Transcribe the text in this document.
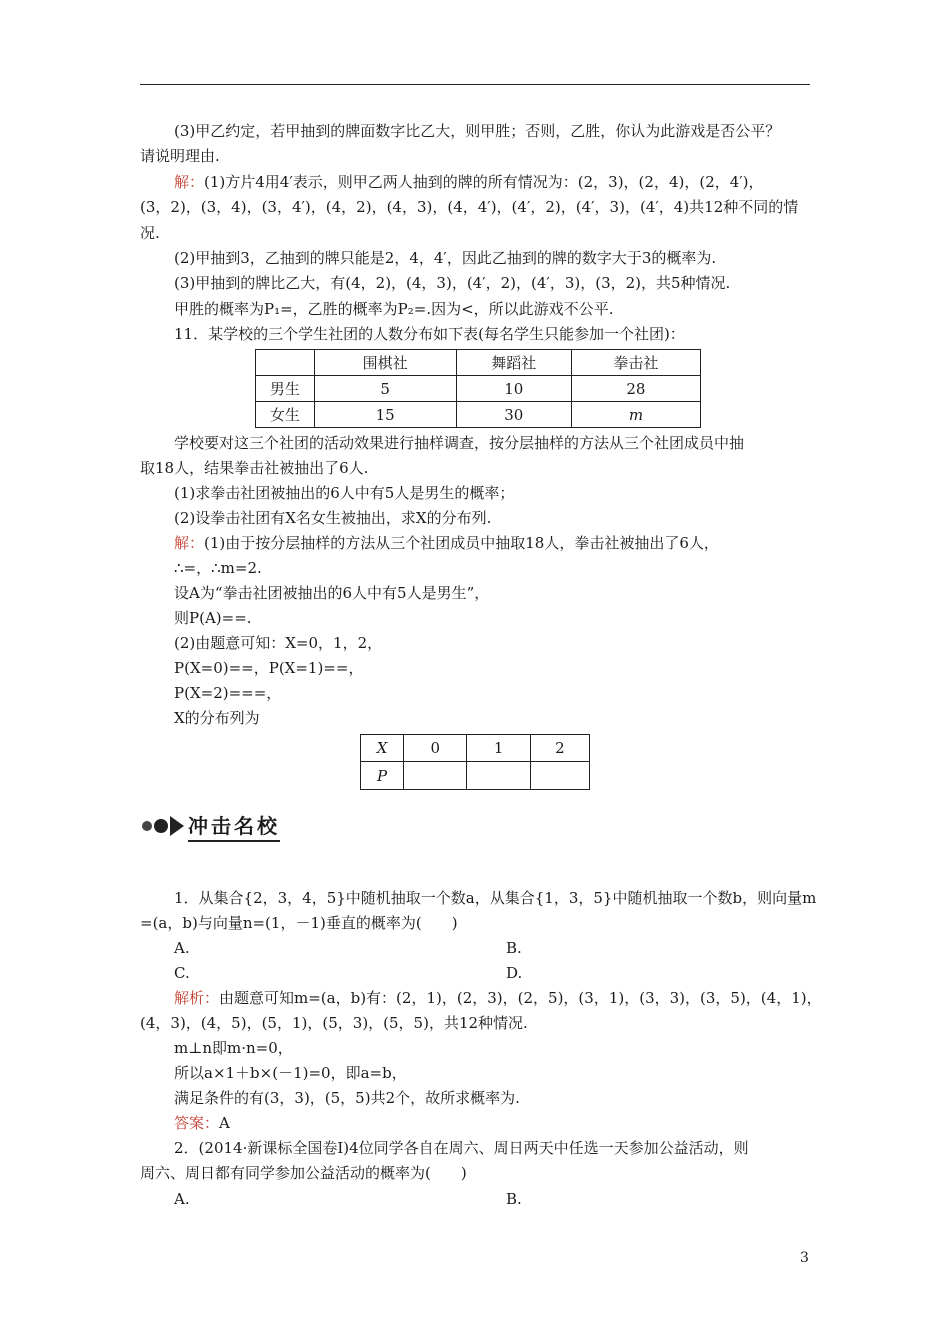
(3)甲乙约定，若甲抽到的牌面数字比乙大，则甲胜；否则，乙胜，你认为此游戏是否公平？
请说明理由.
解：(1)方片4用4′表示，则甲乙两人抽到的牌的所有情况为：(2，3)，(2，4)，(2，4′)，
(3，2)，(3，4)，(3，4′)，(4，2)，(4，3)，(4，4′)，(4′，2)，(4′，3)，(4′，4)共12种不同的情
况.
(2)甲抽到3，乙抽到的牌只能是2，4，4′，因此乙抽到的牌的数字大于3的概率为.
(3)甲抽到的牌比乙大，有(4，2)，(4，3)，(4′，2)，(4′，3)，(3，2)，共5种情况.
甲胜的概率为P₁=，乙胜的概率为P₂=.因为<，所以此游戏不公平.
11．某学校的三个学生社团的人数分布如下表(每名学生只能参加一个社团)：
	围棋社	舞蹈社	拳击社
男生	5	10	28
女生	15	30	m
学校要对这三个社团的活动效果进行抽样调查，按分层抽样的方法从三个社团成员中抽
取18人，结果拳击社被抽出了6人.
(1)求拳击社团被抽出的6人中有5人是男生的概率；
(2)设拳击社团有X名女生被抽出，求X的分布列.
解：(1)由于按分层抽样的方法从三个社团成员中抽取18人，拳击社被抽出了6人，
∴=，∴m=2.
设A为“拳击社团被抽出的6人中有5人是男生”，
则P(A)==.
(2)由题意可知：X=0，1，2，
P(X=0)==，P(X=1)==，
P(X=2)===，
X的分布列为
X	0	1	2
P			
冲击名校
1．从集合{2，3，4，5}中随机抽取一个数a，从集合{1，3，5}中随机抽取一个数b，则向量m
=(a，b)与向量n=(1，－1)垂直的概率为(　　)
A.	B.
C.	D.
解析：由题意可知m=(a，b)有：(2，1)，(2，3)，(2，5)，(3，1)，(3，3)，(3，5)，(4，1)，
(4，3)，(4，5)，(5，1)，(5，3)，(5，5)，共12种情况.
m⊥n即m·n=0，
所以a×1＋b×(－1)=0，即a=b，
满足条件的有(3，3)，(5，5)共2个，故所求概率为.
答案：A
2．(2014·新课标全国卷Ⅰ)4位同学各自在周六、周日两天中任选一天参加公益活动，则
周六、周日都有同学参加公益活动的概率为(　　)
A.	B.
3
